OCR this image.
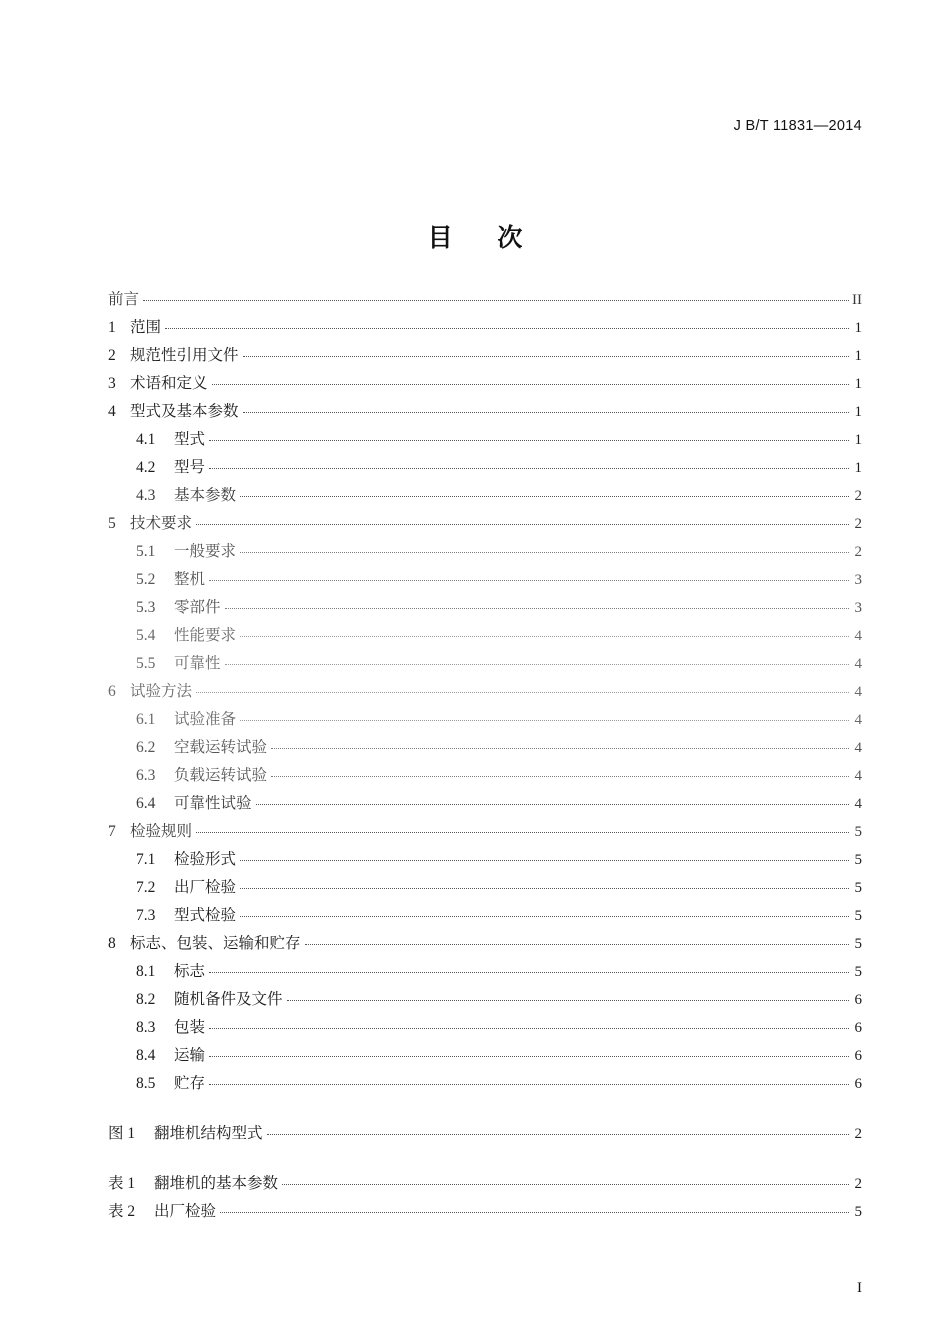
J B/T 11831—2014
目 次
前言	II
1 范围	1
2 规范性引用文件	1
3 术语和定义	1
4 型式及基本参数	1
4.1	型式	1
4.2	型号	1
4.3	基本参数	2
5 技术要求	2
5.1	一般要求	2
5.2	整机	3
5.3	零部件	3
5.4	性能要求	4
5.5	可靠性	4
6 试验方法	4
6.1	试验准备	4
6.2	空载运转试验	4
6.3	负载运转试验	4
6.4	可靠性试验	4
7 检验规则	5
7.1	检验形式	5
7.2	出厂检验	5
7.3	型式检验	5
8 标志、包装、运输和贮存	5
8.1	标志	5
8.2	随机备件及文件	6
8.3	包装	6
8.4	运输	6
8.5	贮存	6
图 1	翻堆机结构型式	2
表 1	翻堆机的基本参数	2
表 2	出厂检验	5
I
